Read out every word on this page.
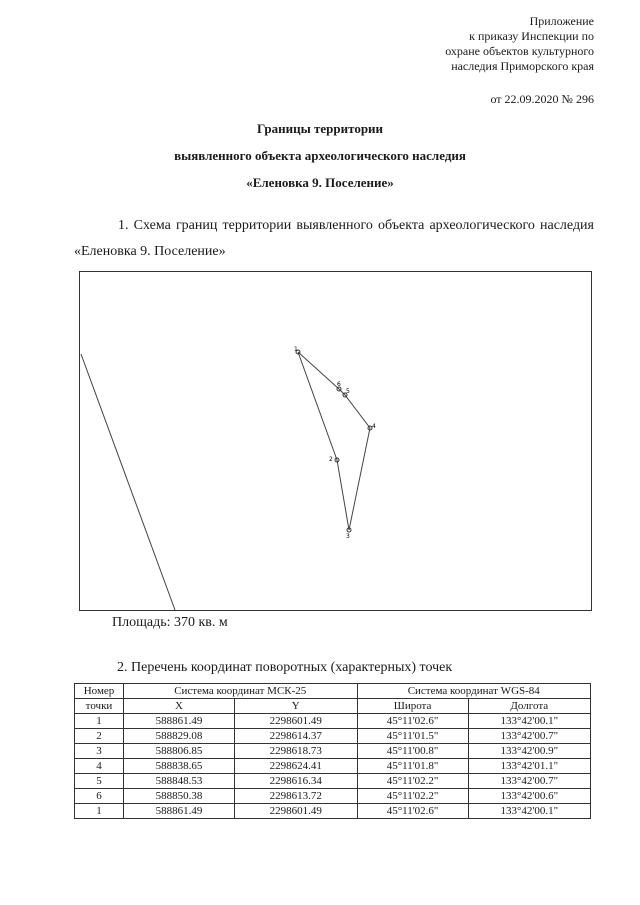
Приложение
к приказу Инспекции по
охране объектов культурного
наследия Приморского края
от 22.09.2020 № 296
Границы территории
выявленного объекта археологического наследия
«Еленовка 9. Поселение»
1. Схема границ территории выявленного объекта археологического наследия «Еленовка 9. Поселение»
1
2
3
4
5
6
Площадь: 370 кв. м
2. Перечень координат поворотных (характерных) точек
Номер	Система координат МСК-25		Система координат WGS-84	
точки	X	Y	Широта	Долгота
1	588861.49	2298601.49	45°11'02.6"	133°42'00.1"
2	588829.08	2298614.37	45°11'01.5"	133°42'00.7"
3	588806.85	2298618.73	45°11'00.8"	133°42'00.9"
4	588838.65	2298624.41	45°11'01.8"	133°42'01.1"
5	588848.53	2298616.34	45°11'02.2"	133°42'00.7"
6	588850.38	2298613.72	45°11'02.2"	133°42'00.6"
1	588861.49	2298601.49	45°11'02.6"	133°42'00.1"
